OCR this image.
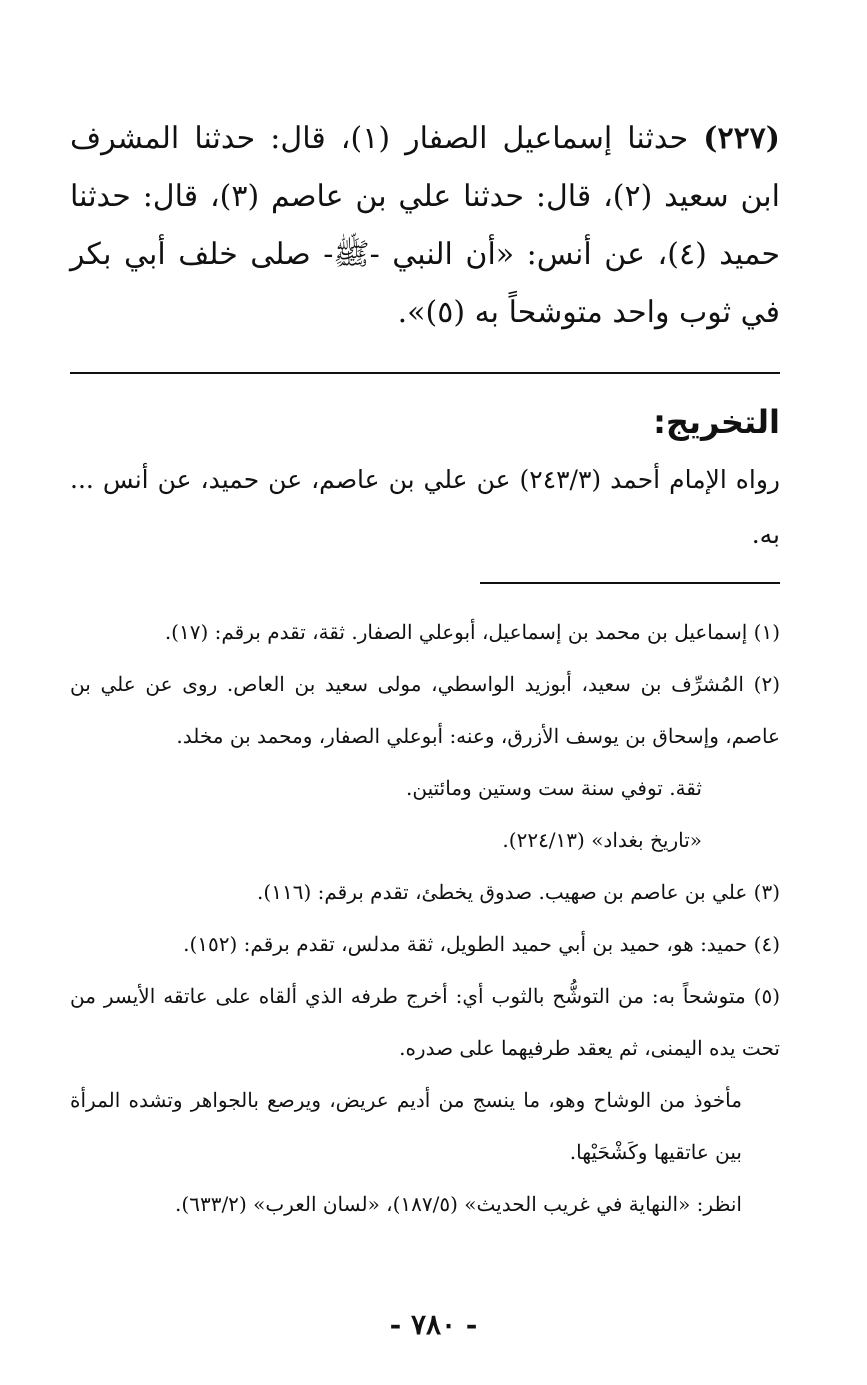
(٢٢٧) حدثنا إسماعيل الصفار (١)، قال: حدثنا المشرف ابن سعيد (٢)، قال: حدثنا علي بن عاصم (٣)، قال: حدثنا حميد (٤)، عن أنس: «أن النبي -ﷺ- صلى خلف أبي بكر في ثوب واحد متوشحاً به (٥)».

التخريج:

رواه الإمام أحمد (٢٤٣/٣) عن علي بن عاصم، عن حميد، عن أنس ... به.

(١) إسماعيل بن محمد بن إسماعيل، أبوعلي الصفار. ثقة، تقدم برقم: (١٧).

(٢) المُشرِّف بن سعيد، أبوزيد الواسطي، مولى سعيد بن العاص. روى عن علي بن عاصم، وإسحاق بن يوسف الأزرق، وعنه: أبوعلي الصفار، ومحمد بن مخلد.

ثقة. توفي سنة ست وستين ومائتين.

«تاريخ بغداد» (٢٢٤/١٣).

(٣) علي بن عاصم بن صهيب. صدوق يخطئ، تقدم برقم: (١١٦).

(٤) حميد: هو، حميد بن أبي حميد الطويل، ثقة مدلس، تقدم برقم: (١٥٢).

(٥) متوشحاً به: من التوشُّح بالثوب أي: أخرج طرفه الذي ألقاه على عاتقه الأيسر من تحت يده اليمنى، ثم يعقد طرفيهما على صدره.

مأخوذ من الوشاح وهو، ما ينسج من أديم عريض، ويرصع بالجواهر وتشده المرأة بين عاتقيها وكَشْحَيْها.

انظر: «النهاية في غريب الحديث» (١٨٧/٥)، «لسان العرب» (٦٣٣/٢).

- ٧٨٠ -
